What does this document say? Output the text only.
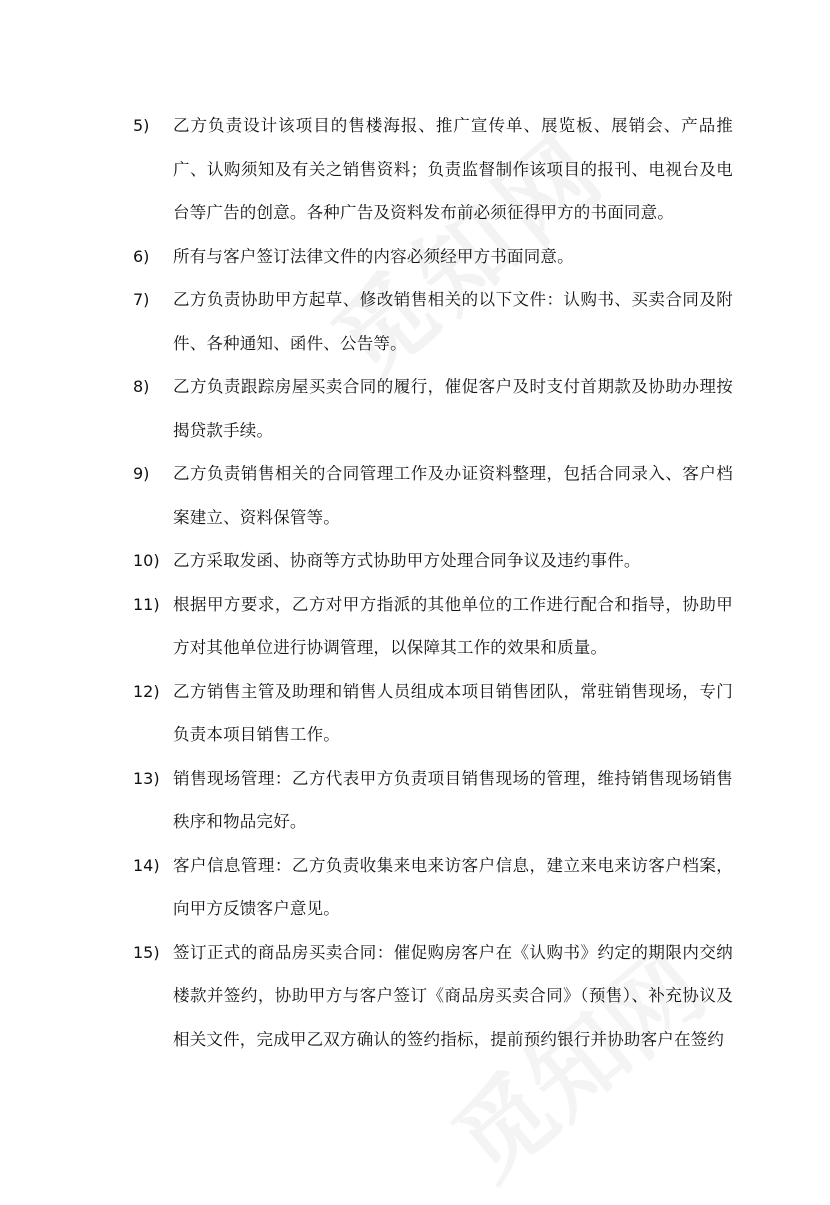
5)	乙方负责设计该项目的售楼海报、推广宣传单、展览板、展销会、产品推广、认购须知及有关之销售资料；负责监督制作该项目的报刊、电视台及电台等广告的创意。各种广告及资料发布前必须征得甲方的书面同意。
6)	所有与客户签订法律文件的内容必须经甲方书面同意。
7)	乙方负责协助甲方起草、修改销售相关的以下文件：认购书、买卖合同及附件、各种通知、函件、公告等。
8)	乙方负责跟踪房屋买卖合同的履行，催促客户及时支付首期款及协助办理按揭贷款手续。
9)	乙方负责销售相关的合同管理工作及办证资料整理，包括合同录入、客户档案建立、资料保管等。
10) 乙方采取发函、协商等方式协助甲方处理合同争议及违约事件。
11) 根据甲方要求，乙方对甲方指派的其他单位的工作进行配合和指导，协助甲方对其他单位进行协调管理，以保障其工作的效果和质量。
12) 乙方销售主管及助理和销售人员组成本项目销售团队，常驻销售现场，专门负责本项目销售工作。
13) 销售现场管理：乙方代表甲方负责项目销售现场的管理，维持销售现场销售秩序和物品完好。
14) 客户信息管理：乙方负责收集来电来访客户信息，建立来电来访客户档案，向甲方反馈客户意见。
15) 签订正式的商品房买卖合同：催促购房客户在《认购书》约定的期限内交纳楼款并签约，协助甲方与客户签订《商品房买卖合同》（预售）、补充协议及相关文件，完成甲乙双方确认的签约指标，提前预约银行并协助客户在签约
